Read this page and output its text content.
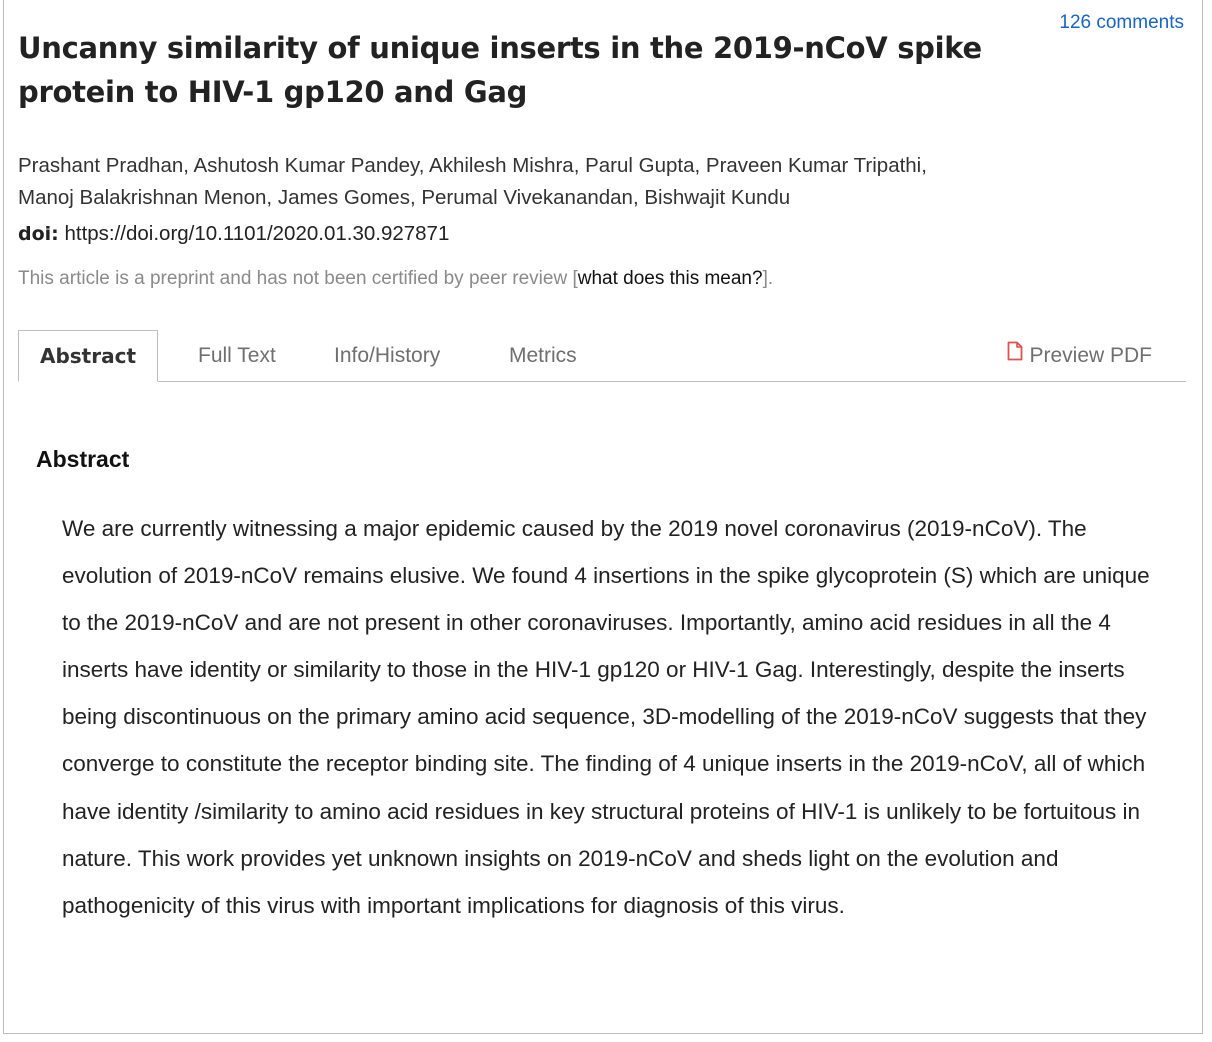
126 comments
Uncanny similarity of unique inserts in the 2019-nCoV spike protein to HIV-1 gp120 and Gag
Prashant Pradhan, Ashutosh Kumar Pandey, Akhilesh Mishra, Parul Gupta, Praveen Kumar Tripathi,
Manoj Balakrishnan Menon, James Gomes, Perumal Vivekanandan, Bishwajit Kundu
doi: https://doi.org/10.1101/2020.01.30.927871
This article is a preprint and has not been certified by peer review [what does this mean?].
Abstract	Full Text	Info/History	Metrics	Preview PDF
Abstract

We are currently witnessing a major epidemic caused by the 2019 novel coronavirus (2019-nCoV). The evolution of 2019-nCoV remains elusive. We found 4 insertions in the spike glycoprotein (S) which are unique to the 2019-nCoV and are not present in other coronaviruses. Importantly, amino acid residues in all the 4 inserts have identity or similarity to those in the HIV-1 gp120 or HIV-1 Gag. Interestingly, despite the inserts being discontinuous on the primary amino acid sequence, 3D-modelling of the 2019-nCoV suggests that they converge to constitute the receptor binding site. The finding of 4 unique inserts in the 2019-nCoV, all of which have identity /similarity to amino acid residues in key structural proteins of HIV-1 is unlikely to be fortuitous in nature. This work provides yet unknown insights on 2019-nCoV and sheds light on the evolution and pathogenicity of this virus with important implications for diagnosis of this virus.
